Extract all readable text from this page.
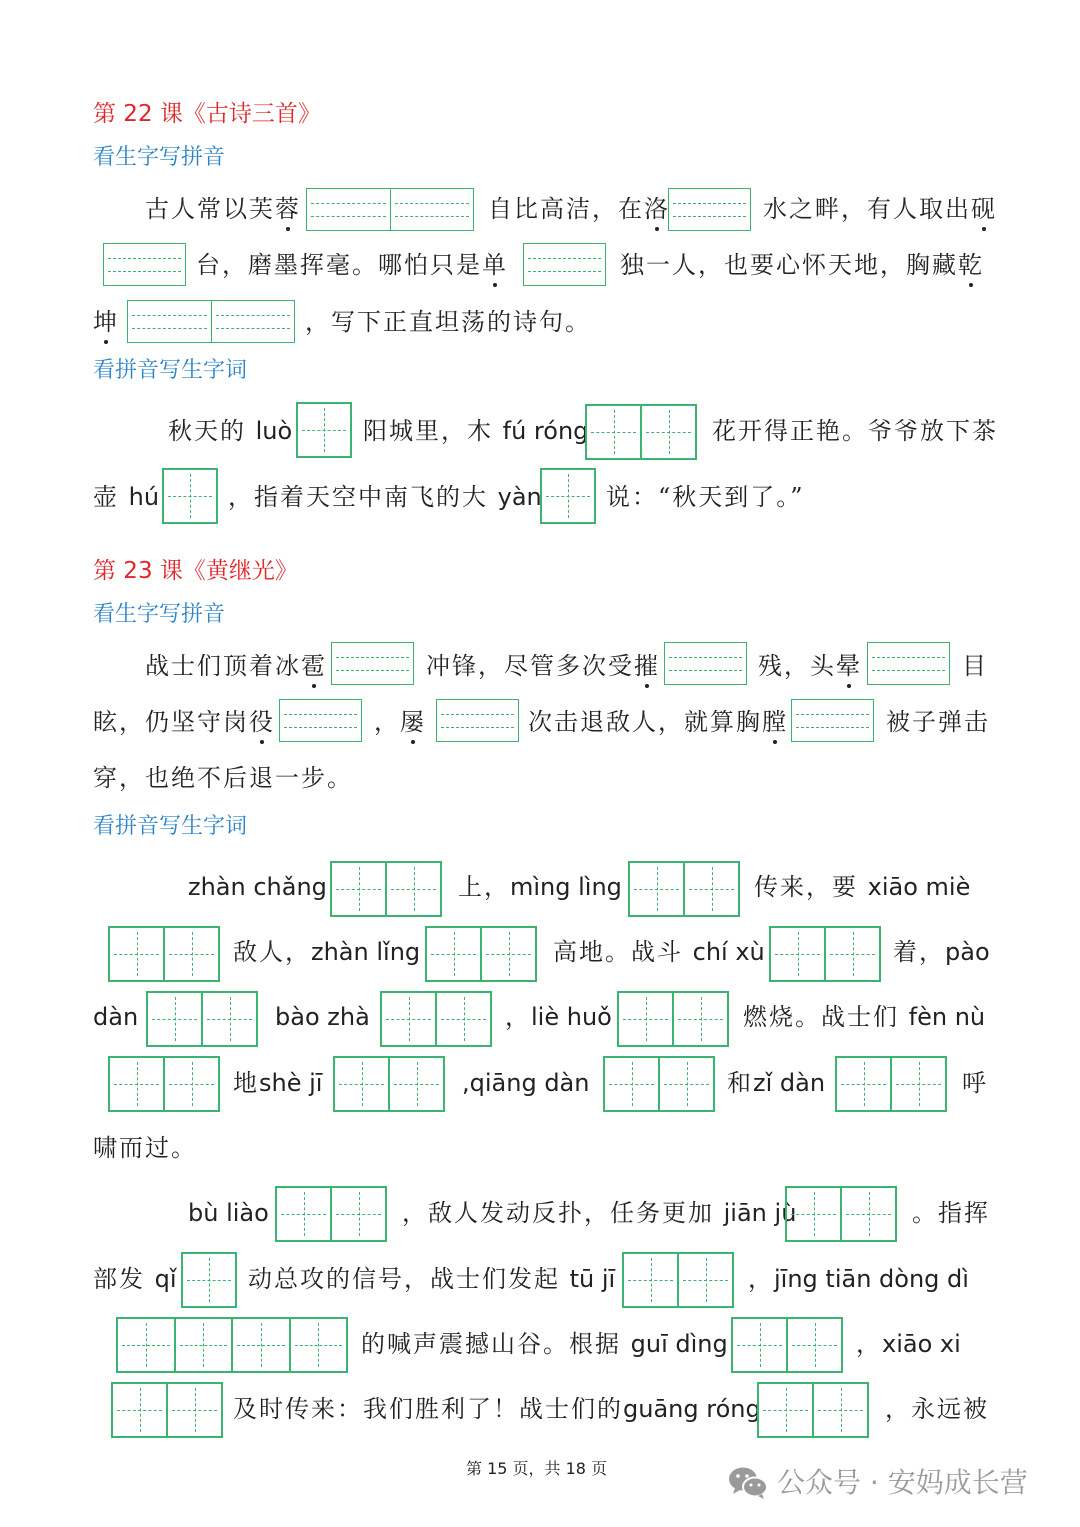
第 22 课《古诗三首》
看生字写拼音
古人常以芙蓉	自比高洁，在洛	水之畔，有人取出砚
台，磨墨挥毫。哪怕只是单	独一人，也要心怀天地，胸藏乾
坤	，写下正直坦荡的诗句。
看拼音写生字词
秋天的 luò	阳城里，木 fú róng	花开得正艳。爷爷放下茶
壶 hú	，指着天空中南飞的大 yàn	说：“秋天到了。”
第 23 课《黄继光》
看生字写拼音
战士们顶着冰雹	冲锋，尽管多次受摧	残，头晕	目
眩，仍坚守岗役	，屡	次击退敌人，就算胸膛	被子弹击
穿，也绝不后退一步。
看拼音写生字词
zhàn chǎng	上，mìng lìng	传来，要 xiāo miè
敌人，zhàn lǐng	高地。战斗 chí xù	着，pào
dàn	bào zhà	，liè huǒ	燃烧。战士们 fèn nù
地shè jī	,qiāng dàn	和zǐ dàn	呼
啸而过。
bù liào	，敌人发动反扑，任务更加 jiān jù	。指挥
部发 qǐ	动总攻的信号，战士们发起 tū jī	，jīng tiān dòng dì
的喊声震撼山谷。根据 guī dìng	，xiāo xi
及时传来：我们胜利了！战士们的guāng róng	，永远被
第 15 页，共 18 页	公众号 · 安妈成长营
